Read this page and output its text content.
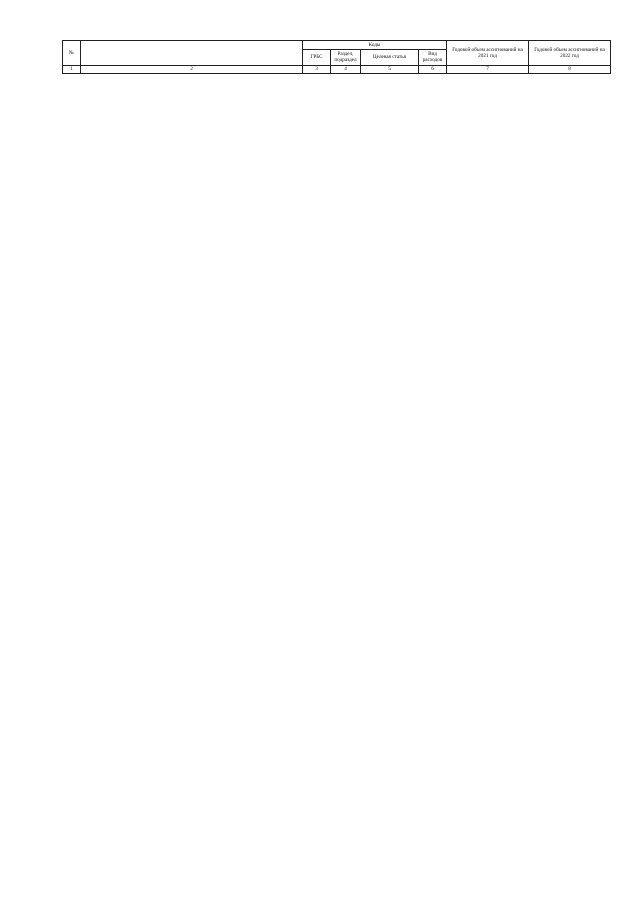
№		Коды				Годовой объем ассигнований на 2021 год	Годовой объем ассигнований на 2022 год
		ГРБС	Раздел, подраздел	Целевая статья	Вид расходов		
1	2	3	4	5	6	7	8
